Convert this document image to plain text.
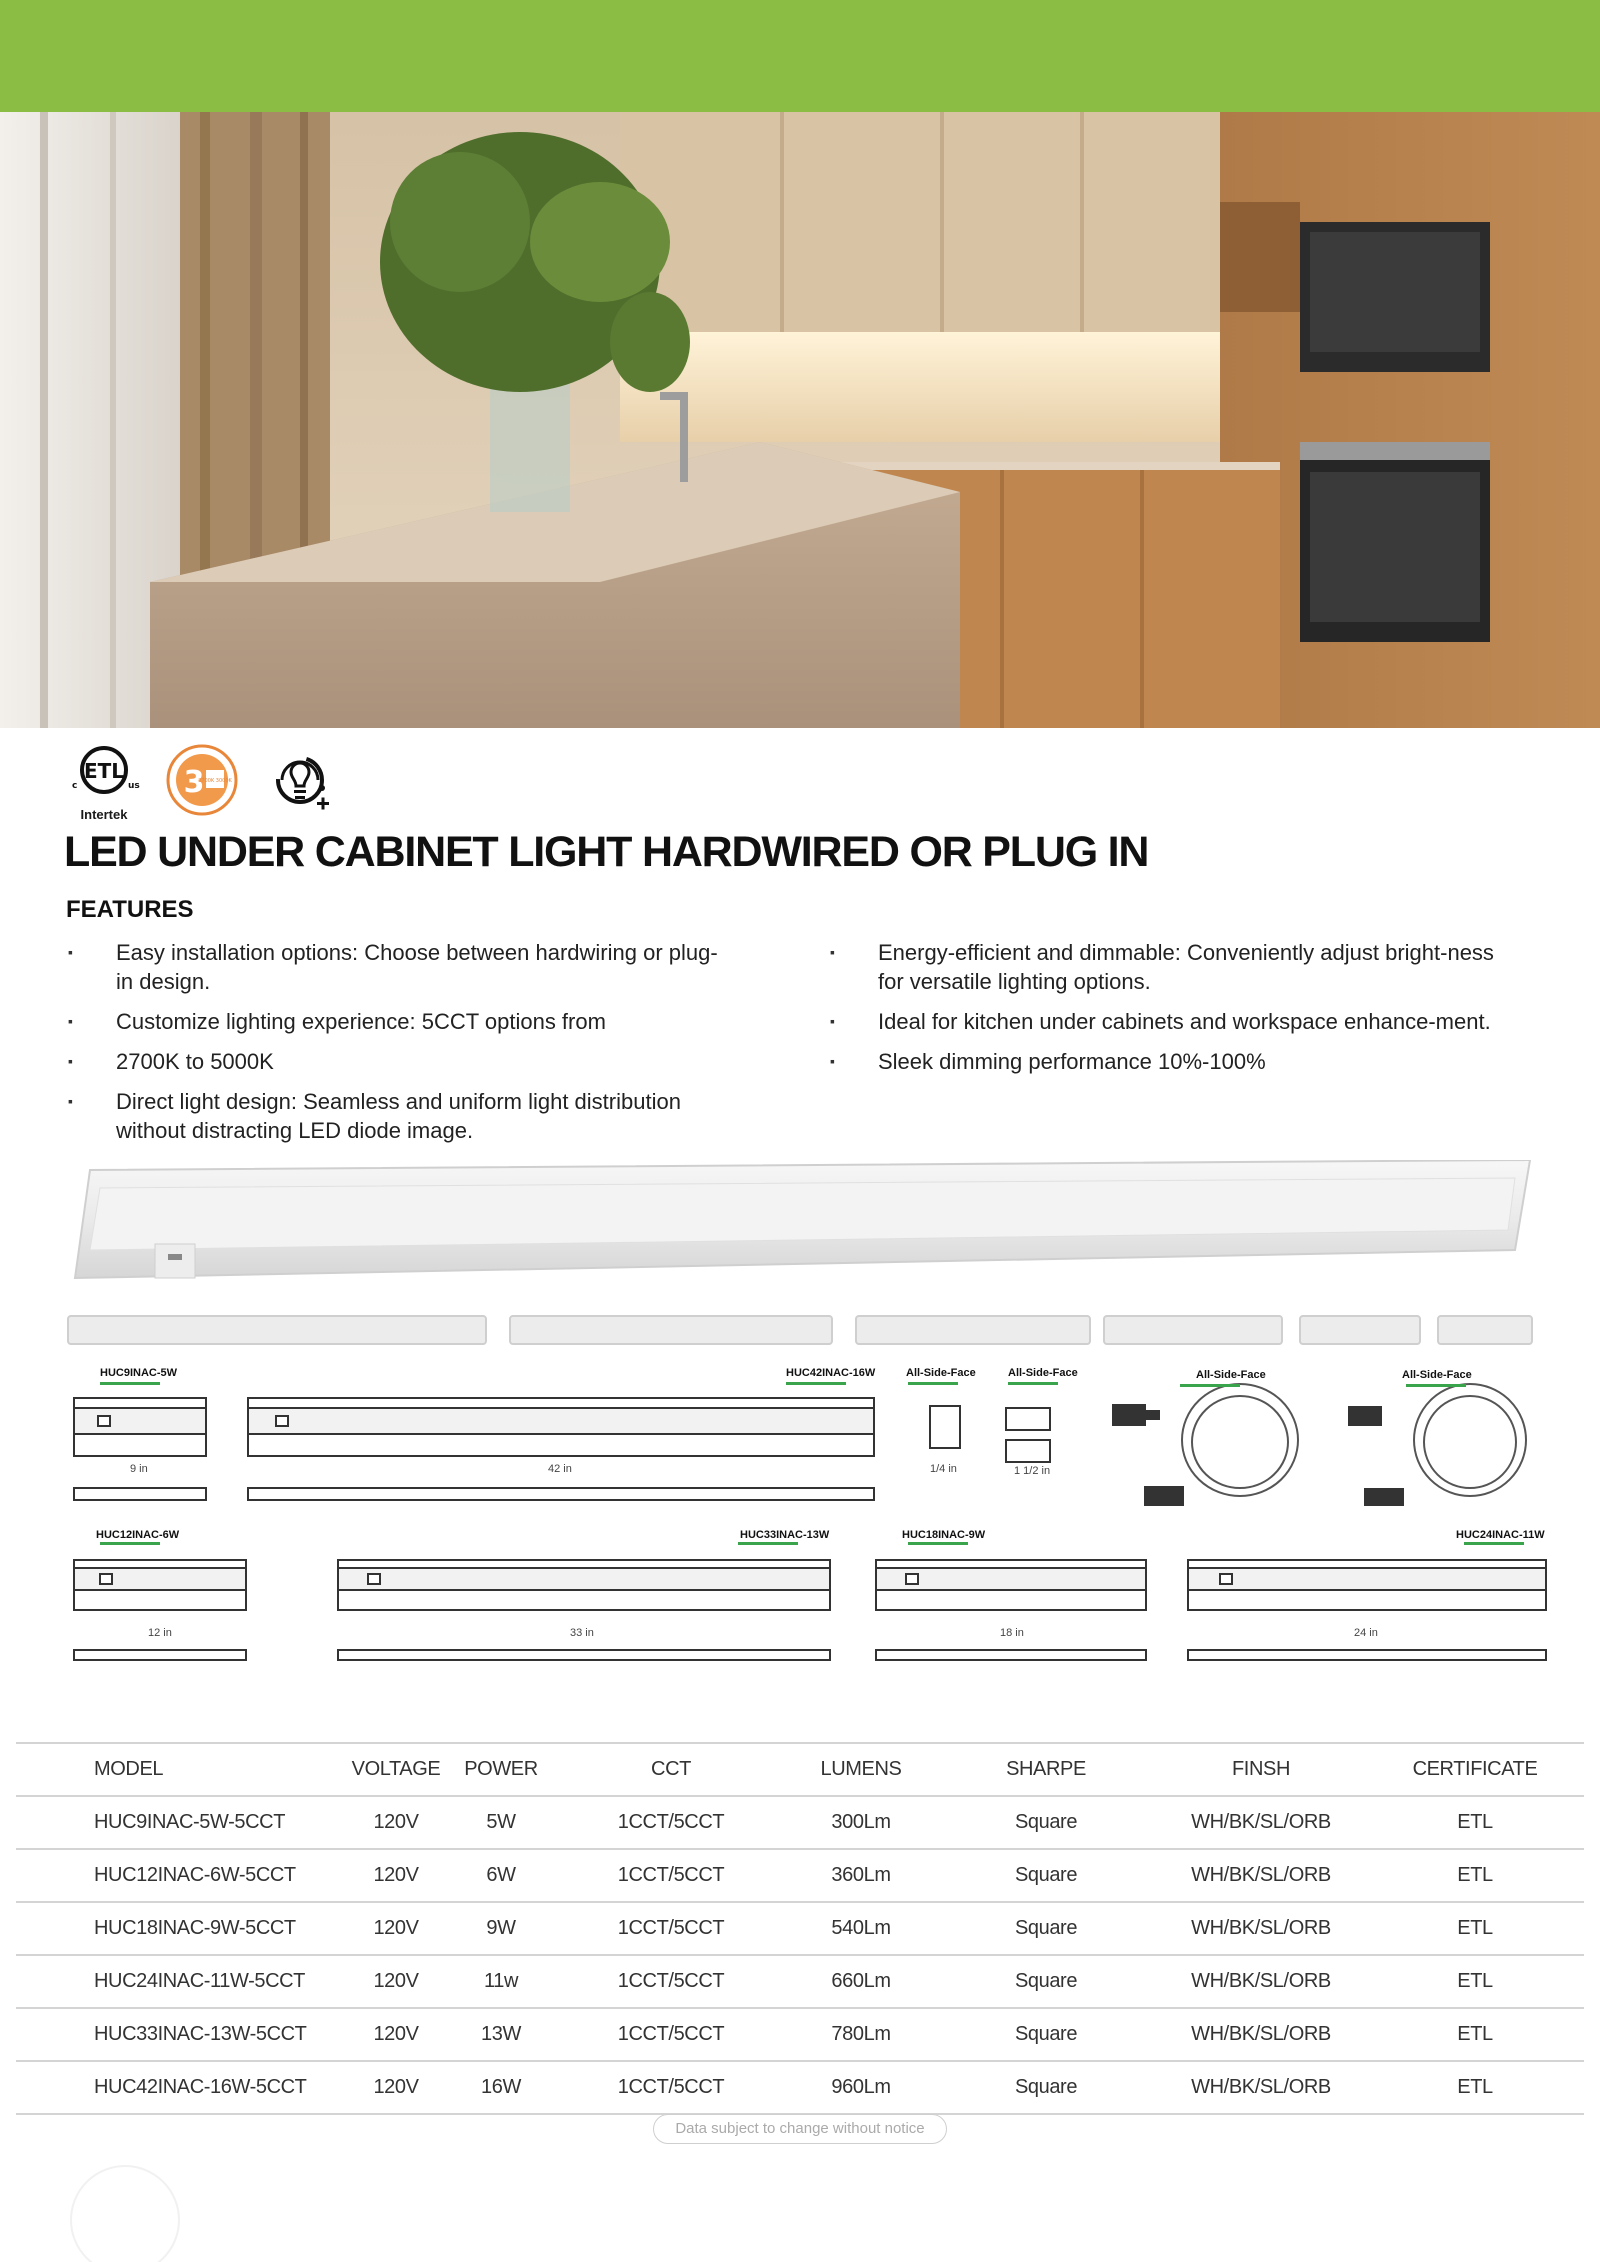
ETL
c	us
Intertek
3
2700K 3000K
LED UNDER CABINET LIGHT HARDWIRED OR PLUG IN
FEATURES
▪ Easy installation options: Choose between hardwiring or plug-in design.
▪ Customize lighting experience: 5CCT options from
▪ 2700K to 5000K
▪ Direct light design: Seamless and uniform light distribution without distracting LED diode image.
▪ Energy-efficient and dimmable: Conveniently adjust bright-ness for versatile lighting options.
▪ Ideal for kitchen under cabinets and workspace enhance-ment.
▪ Sleek dimming performance 10%-100%
HUC9INAC-5W	HUC42INAC-16W
HUC12INAC-6W	HUC33INAC-13W	HUC18INAC-9W	HUC24INAC-11W
All-Side-Face	All-Side-Face	All-Side-Face	All-Side-Face
9 in	42 in
12 in	33 in	18 in	24 in
1/4 in	1 1/2 in
MODEL	VOLTAGE	POWER	CCT	LUMENS	SHARPE	FINSH	CERTIFICATE
HUC9INAC-5W-5CCT	120V	5W	1CCT/5CCT	300Lm	Square	WH/BK/SL/ORB	ETL
HUC12INAC-6W-5CCT	120V	6W	1CCT/5CCT	360Lm	Square	WH/BK/SL/ORB	ETL
HUC18INAC-9W-5CCT	120V	9W	1CCT/5CCT	540Lm	Square	WH/BK/SL/ORB	ETL
HUC24INAC-11W-5CCT	120V	11w	1CCT/5CCT	660Lm	Square	WH/BK/SL/ORB	ETL
HUC33INAC-13W-5CCT	120V	13W	1CCT/5CCT	780Lm	Square	WH/BK/SL/ORB	ETL
HUC42INAC-16W-5CCT	120V	16W	1CCT/5CCT	960Lm	Square	WH/BK/SL/ORB	ETL
Data subject to change without notice
